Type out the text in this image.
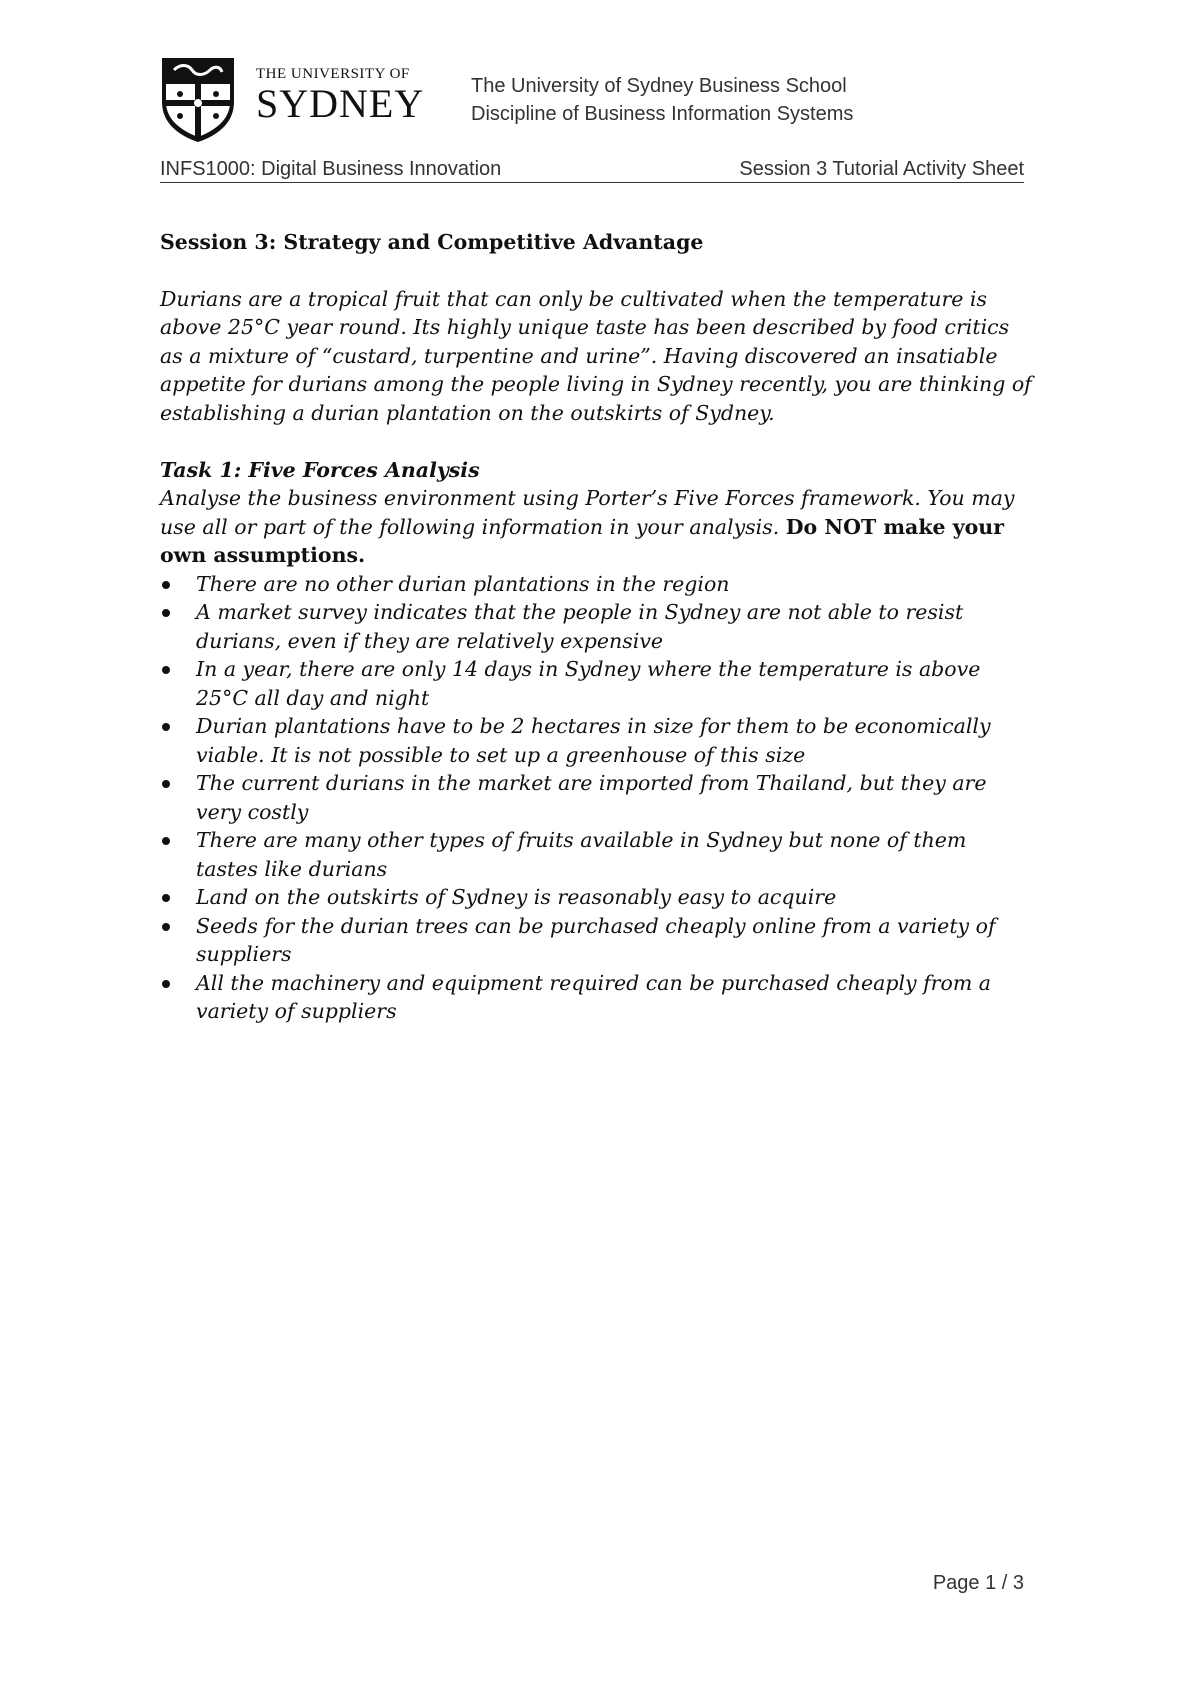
THE UNIVERSITY OF
SYDNEY The University of Sydney Business School
Discipline of Business Information Systems
INFS1000: Digital Business Innovation	Session 3 Tutorial Activity Sheet
Session 3: Strategy and Competitive Advantage

Durians are a tropical fruit that can only be cultivated when the temperature is above 25°C year round. Its highly unique taste has been described by food critics as a mixture of “custard, turpentine and urine”. Having discovered an insatiable appetite for durians among the people living in Sydney recently, you are thinking of establishing a durian plantation on the outskirts of Sydney.

Task 1: Five Forces Analysis

Analyse the business environment using Porter’s Five Forces framework. You may use all or part of the following information in your analysis. Do NOT make your own assumptions.

There are no other durian plantations in the region
A market survey indicates that the people in Sydney are not able to resist durians, even if they are relatively expensive
In a year, there are only 14 days in Sydney where the temperature is above 25°C all day and night
Durian plantations have to be 2 hectares in size for them to be economically viable. It is not possible to set up a greenhouse of this size
The current durians in the market are imported from Thailand, but they are very costly
There are many other types of fruits available in Sydney but none of them tastes like durians
Land on the outskirts of Sydney is reasonably easy to acquire
Seeds for the durian trees can be purchased cheaply online from a variety of suppliers
All the machinery and equipment required can be purchased cheaply from a variety of suppliers
Page 1 / 3
